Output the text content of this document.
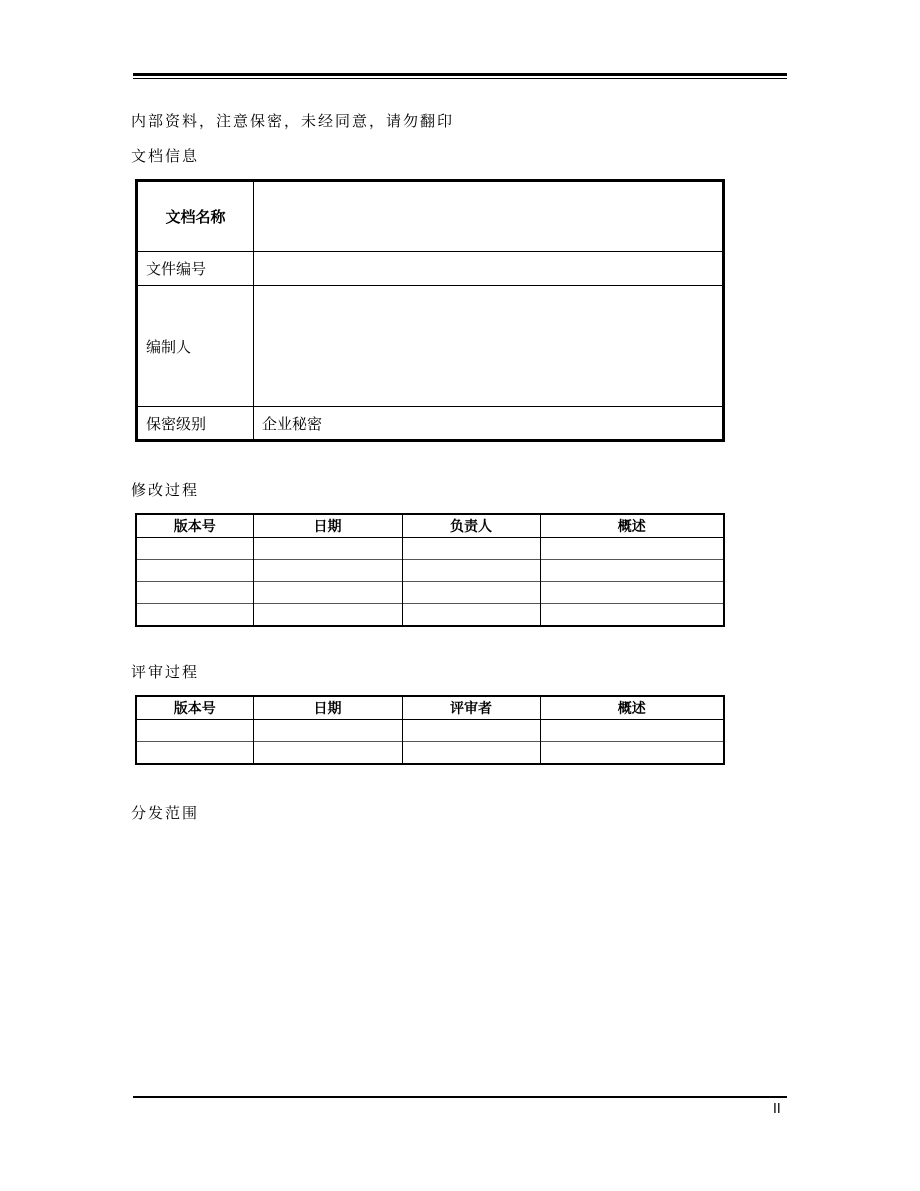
内部资料，注意保密，未经同意，请勿翻印
文档信息
文档名称	
文件编号	
编制人	
保密级别	企业秘密
修改过程
版本号	日期	负责人	概述

评审过程
版本号	日期	评审者	概述

分发范围
II
